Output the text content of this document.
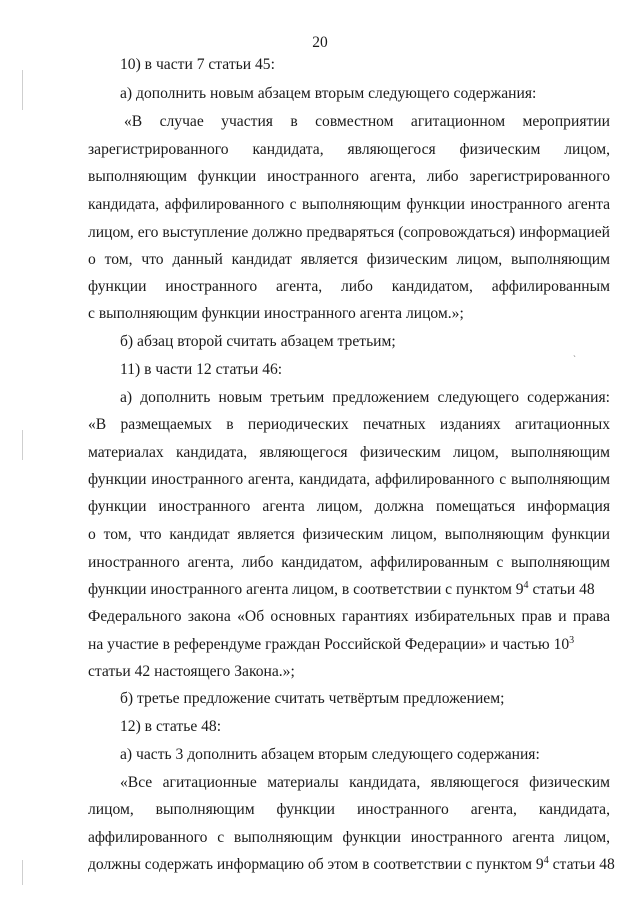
20
10) в части 7 статьи 45:
а) дополнить новым абзацем вторым следующего содержания:
«В случае участия в совместном агитационном мероприятии
зарегистрированного кандидата, являющегося физическим лицом,
выполняющим функции иностранного агента, либо зарегистрированного
кандидата, аффилированного с выполняющим функции иностранного агента
лицом, его выступление должно предваряться (сопровождаться) информацией
о том, что данный кандидат является физическим лицом, выполняющим
функции иностранного агента, либо кандидатом, аффилированным
с выполняющим функции иностранного агента лицом.»;
б) абзац второй считать абзацем третьим;
11) в части 12 статьи 46:
ˋ
а) дополнить новым третьим предложением следующего содержания:
«В размещаемых в периодических печатных изданиях агитационных
материалах кандидата, являющегося физическим лицом, выполняющим
функции иностранного агента, кандидата, аффилированного с выполняющим
функции иностранного агента лицом, должна помещаться информация
о том, что кандидат является физическим лицом, выполняющим функции
иностранного агента, либо кандидатом, аффилированным с выполняющим
функции иностранного агента лицом, в соответствии с пунктом $9^4$ статьи 48
Федерального закона «Об основных гарантиях избирательных прав и права
на участие в референдуме граждан Российской Федерации» и частью $10^3$
статьи 42 настоящего Закона.»;
б) третье предложение считать четвёртым предложением;
12) в статье 48:
а) часть 3 дополнить абзацем вторым следующего содержания:
«Все агитационные материалы кандидата, являющегося физическим
лицом, выполняющим функции иностранного агента, кандидата,
аффилированного с выполняющим функции иностранного агента лицом,
должны содержать информацию об этом в соответствии с пунктом $9^4$ статьи 48
